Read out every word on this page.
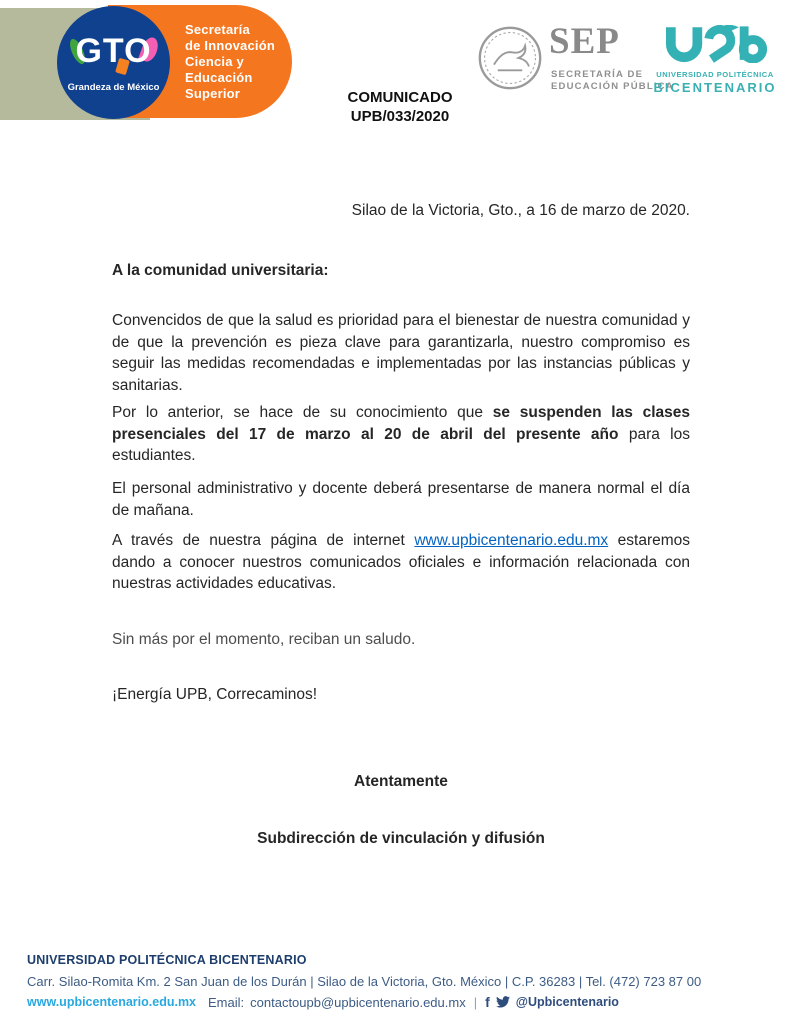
Secretaría
de Innovación
Ciencia y
Educación
Superior
GTO
Grandeza de México
COMUNICADO
UPB/033/2020
SEP
SECRETARÍA DE
EDUCACIÓN PÚBLICA
UNIVERSIDAD POLITÉCNICA
BICENTENARIO
Silao de la Victoria, Gto., a 16 de marzo de 2020.
A la comunidad universitaria:

Convencidos de que la salud es prioridad para el bienestar de nuestra comunidad y de que la prevención es pieza clave para garantizarla, nuestro compromiso es seguir las medidas recomendadas e implementadas por las instancias públicas y sanitarias.

Por lo anterior, se hace de su conocimiento que se suspenden las clases presenciales del 17 de marzo al 20 de abril del presente año para los estudiantes.

El personal administrativo y docente deberá presentarse de manera normal el día de mañana.

A través de nuestra página de internet www.upbicentenario.edu.mx estaremos dando a conocer nuestros comunicados oficiales e información relacionada con nuestras actividades educativas.

Sin más por el momento, reciban un saludo.
¡Energía UPB, Correcaminos!
Atentamente
Subdirección de vinculación y difusión
UNIVERSIDAD POLITÉCNICA BICENTENARIO
Carr. Silao-Romita Km. 2 San Juan de los Durán | Silao de la Victoria, Gto. México | C.P. 36283 | Tel. (472) 723 87 00
www.upbicentenario.edu.mx Email: contactoupb@upbicentenario.edu.mx | f @Upbicentenario
